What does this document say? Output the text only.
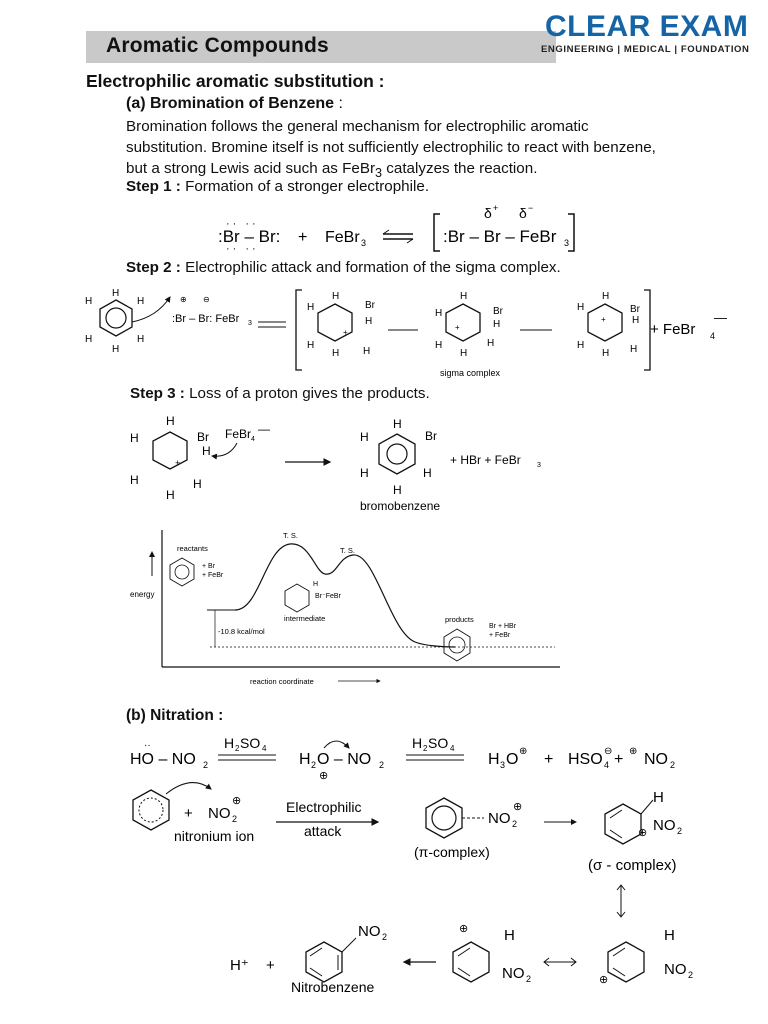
Aromatic Compounds
CLEAR EXAM
ENGINEERING | MEDICAL | FOUNDATION
Electrophilic aromatic substitution :
(a) Bromination of Benzene :

Bromination follows the general mechanism for electrophilic aromatic

substitution. Bromine itself is not sufficiently electrophilic to react with benzene,

but a strong Lewis acid such as FeBr$_3$ catalyzes the reaction.

Step 1 : Formation of a stronger electrophile.
Step 2 : Electrophilic attack and formation of the sigma complex.
Step 3 : Loss of a proton gives the products.
:Br – Br:
·· ··
·· ··
+ FeBr 3	:Br – Br – FeBr 3
δ + δ −
H
H	H
H	H
H
:Br – Br: FeBr 3
⊕ ⊖	H
H	Br
H
H
H H
+
H
H	Br
H
H
H
H
+
sigma complex
H
H	Br
H
H
H H
+
+ FeBr 4
—
H
H	Br
H
H
H
H
+
FeBr 4
—	H
H	Br
H	H
H
+ HBr + FeBr 3
bromobenzene
energy
reaction coordinate
-10.8 kcal/mol
reactants
+ Br
+ FeBr
T. S.
T. S.
H
Br⁻FeBr
intermediate	products
Br + HBr
+ FeBr
(b) Nitration :
HO – NO 2
··	H 2 SO 4
H 2 O – NO 2
⊕
H 2 SO 4
H 3 O ⊕ + HSO 4
⊖ + ⊕ NO 2
+ NO 2
⊕
nitronium ion
Electrophilic
attack
NO 2
⊕
(π-complex)
H
NO 2
⊕
(σ - complex)
H⁺ +
NO 2
Nitrobenzene
⊕ H
NO 2	⊕
H
NO 2
